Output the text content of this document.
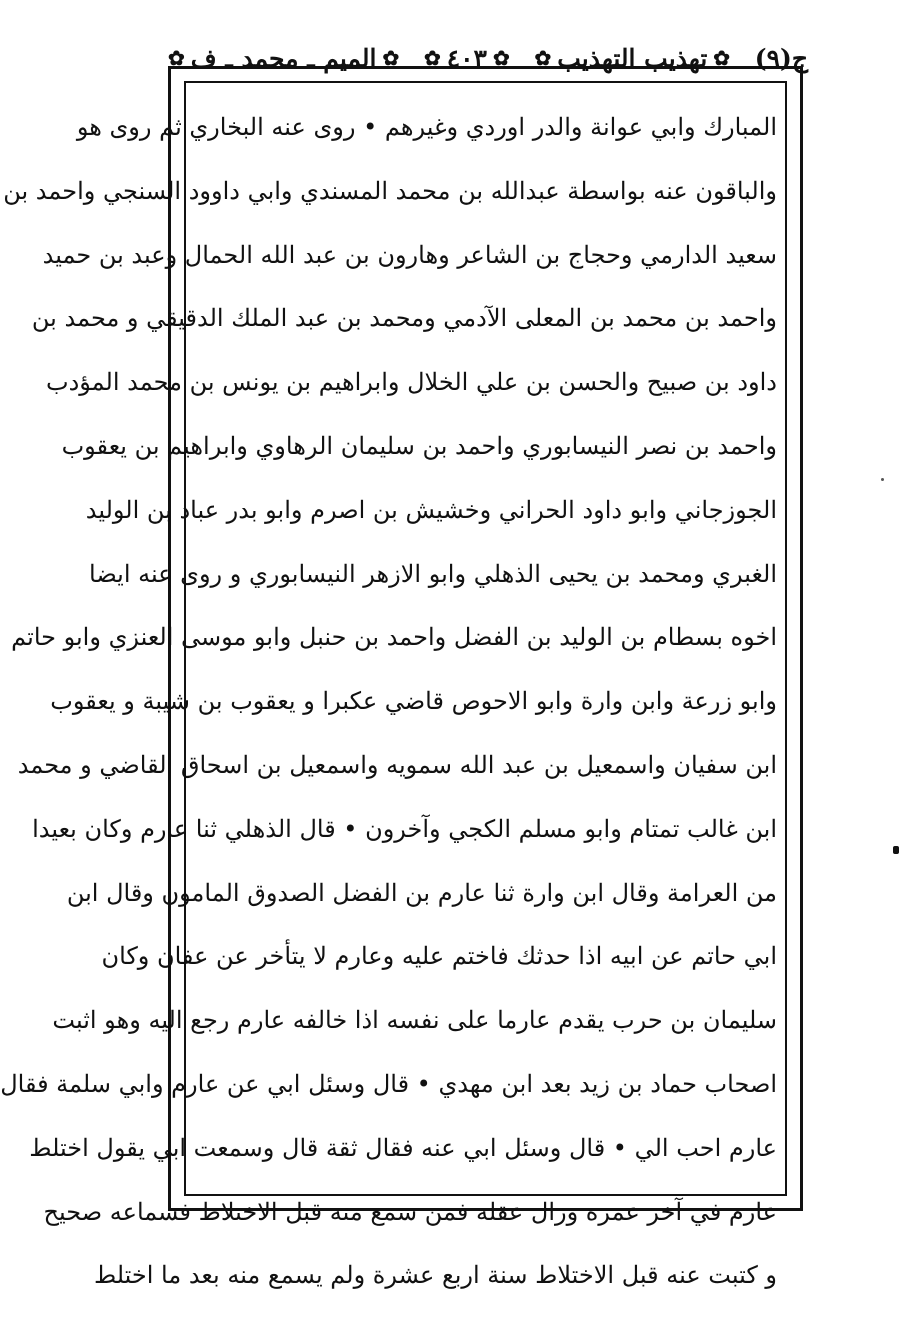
ج(٩)
✿
تهذيب التهذيب
✿
✿
٤٠٣
✿
✿
الميم ـ محمد ـ ف
✿
المبارك وابي عوانة والدر اوردي وغيرهم • روى عنه البخاري ثم روى هو
والباقون عنه بواسطة عبدالله بن محمد المسندي وابي داوود السنجي واحمد بن
سعيد الدارمي وحجاج بن الشاعر وهارون بن عبد الله الحمال وعبد بن حميد
واحمد بن محمد بن المعلى الآدمي ومحمد بن عبد الملك الدقيقي و محمد بن
داود بن صبيح والحسن بن علي الخلال وابراهيم بن يونس بن محمد المؤدب
واحمد بن نصر النيسابوري واحمد بن سليمان الرهاوي وابراهيم بن يعقوب
الجوزجاني وابو داود الحراني وخشيش بن اصرم وابو بدر عباد بن الوليد
الغبري ومحمد بن يحيى الذهلي وابو الازهر النيسابوري و روى عنه ايضا
اخوه بسطام بن الوليد بن الفضل واحمد بن حنبل وابو موسى العنزي وابو حاتم
وابو زرعة وابن وارة وابو الاحوص قاضي عكبرا و يعقوب بن شيبة و يعقوب
ابن سفيان واسمعيل بن عبد الله سمويه واسمعيل بن اسحاق القاضي و محمد
ابن غالب تمتام وابو مسلم الكجي وآخرون • قال الذهلي ثنا عارم وكان بعيدا
من العرامة وقال ابن وارة ثنا عارم بن الفضل الصدوق المامون وقال ابن
ابي حاتم عن ابيه اذا حدثك فاختم عليه وعارم لا يتأخر عن عفان وكان
سليمان بن حرب يقدم عارما على نفسه اذا خالفه عارم رجع اليه وهو اثبت
اصحاب حماد بن زيد بعد ابن مهدي • قال وسئل ابي عن عارم وابي سلمة فقال
عارم احب الي • قال وسئل ابي عنه فقال ثقة قال وسمعت ابي يقول اختلط
عارم في آخر عمره وزال عقله فمن سمع منه قبل الاختلاط فسماعه صحيح
و كتبت عنه قبل الاختلاط سنة اربع عشرة ولم يسمع منه بعد ما اختلط
